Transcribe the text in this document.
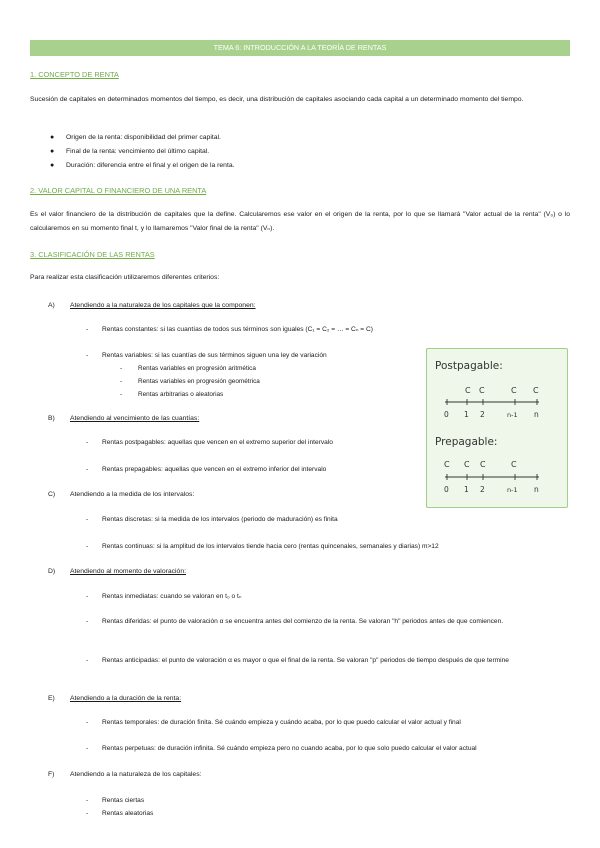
TEMA 6: INTRODUCCIÓN A LA TEORÍA DE RENTAS
1. CONCEPTO DE RENTA
Sucesión de capitales en determinados momentos del tiempo, es decir, una distribución de capitales asociando cada capital a un determinado momento del tiempo.
● Origen de la renta: disponibilidad del primer capital.
● Final de la renta: vencimiento del último capital.
● Duración: diferencia entre el final y el origen de la renta.
2. VALOR CAPITAL O FINANCIERO DE UNA RENTA
Es el valor financiero de la distribución de capitales que la define. Calcularemos ese valor en el origen de la renta, por lo que se llamará "Valor actual de la renta" (V₀) o lo calcularemos en su momento final t, y lo llamaremos "Valor final de la renta" (Vₙ).
3. CLASIFICACIÓN DE LAS RENTAS
Para realizar esta clasificación utilizaremos diferentes criterios:
A) Atendiendo a la naturaleza de los capitales que la componen:
- Rentas constantes: si las cuantías de todos sus términos son iguales (C₁ = C₂ = … = Cₙ = C)
- Rentas variables: si las cuantías de sus términos siguen una ley de variación
- Rentas variables en progresión aritmética
- Rentas variables en progresión geométrica
- Rentas arbitrarias o aleatorias
B) Atendiendo al vencimiento de las cuantías:
- Rentas postpagables: aquellas que vencen en el extremo superior del intervalo
- Rentas prepagables: aquellas que vencen en el extremo inferior del intervalo
C) Atendiendo a la medida de los intervalos:
- Rentas discretas: si la medida de los intervalos (periodo de maduración) es finita
- Rentas continuas: si la amplitud de los intervalos tiende hacia cero (rentas quincenales, semanales y diarias) m>12
D) Atendiendo al momento de valoración:
- Rentas inmediatas: cuando se valoran en t₀ o tₙ
- Rentas diferidas: el punto de valoración α se encuentra antes del comienzo de la renta. Se valoran "h" periodos antes de que comiencen.
- Rentas anticipadas: el punto de valoración α es mayor o que el final de la renta. Se valoran "p" periodos de tiempo después de que termine
E) Atendiendo a la duración de la renta:
- Rentas temporales: de duración finita. Sé cuándo empieza y cuándo acaba, por lo que puedo calcular el valor actual y final
- Rentas perpetuas: de duración infinita. Sé cuándo empieza pero no cuando acaba, por lo que solo puedo calcular el valor actual
F) Atendiendo a la naturaleza de los capitales:
- Rentas ciertas
- Rentas aleatorias
Postpagable:
C C	C C
0 1 2	n-1 n
Prepagable:
C C C	C
0 1 2	n-1 n
